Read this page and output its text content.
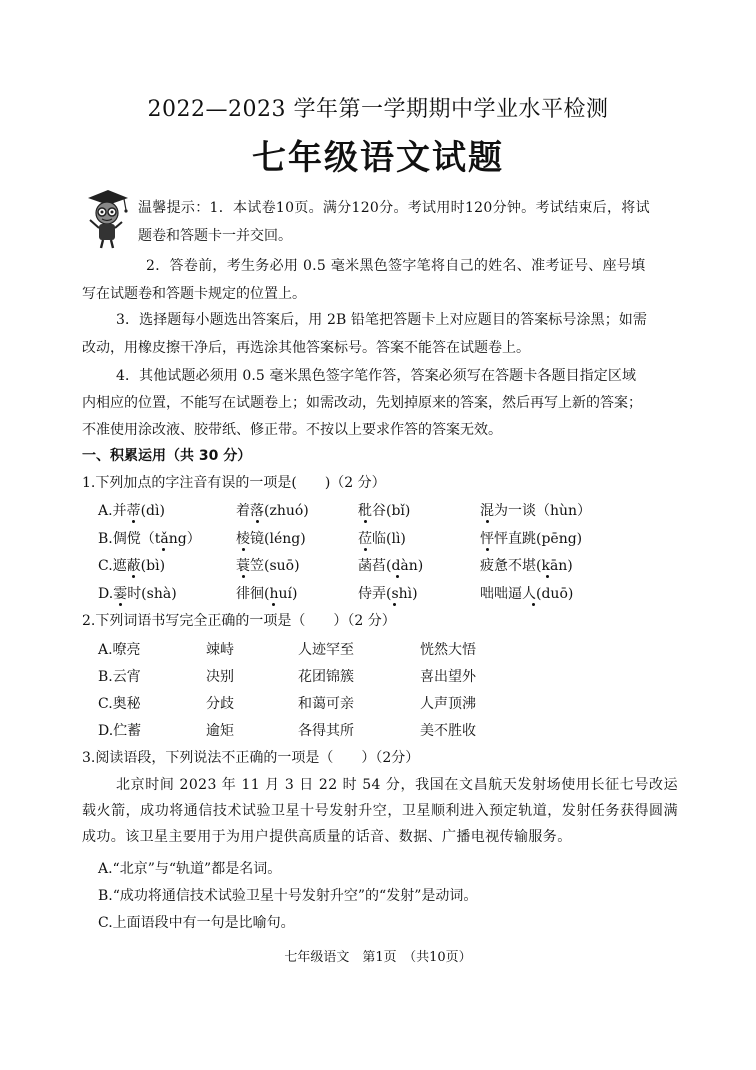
2022—2023 学年第一学期期中学业水平检测
七年级语文试题
温馨提示：1．本试卷10页。满分120分。考试用时120分钟。考试结束后，将试
题卷和答题卡一并交回。
2．答卷前，考生务必用 0.5 毫米黑色签字笔将自己的姓名、准考证号、座号填
写在试题卷和答题卡规定的位置上。
3．选择题每小题选出答案后，用 2B 铅笔把答题卡上对应题目的答案标号涂黑；如需
改动，用橡皮擦干净后，再选涂其他答案标号。答案不能答在试题卷上。
4．其他试题必须用 0.5 毫米黑色签字笔作答，答案必须写在答题卡各题目指定区域
内相应的位置，不能写在试题卷上；如需改动，先划掉原来的答案，然后再写上新的答案；
不准使用涂改液、胶带纸、修正带。不按以上要求作答的答案无效。
一、积累运用（共 30 分）
1.下列加点的字注音有误的一项是(　　)（2 分）
A.并蒂(dì)	着落(zhuó)	秕谷(bǐ)	混为一谈（hùn）
B.倜傥（tǎng）	棱镜(léng)	莅临(lì)	怦怦直跳(pēng)
C.遮蔽(bì)	蓑笠(suō)	菡萏(dàn)	疲惫不堪(kān)
D.霎时(shà)	徘徊(huí)	侍弄(shì)	咄咄逼人(duō)
2.下列词语书写完全正确的一项是（　　）（2 分）
A.嘹亮	竦峙	人迹罕至	恍然大悟
B.云宵	决别	花团锦簇	喜出望外
C.奥秘	分歧	和蔼可亲	人声顶沸
D.伫蓄	逾矩	各得其所	美不胜收
3.阅读语段，下列说法不正确的一项是（　　）（2分）
北京时间 2023 年 11 月 3 日 22 时 54 分，我国在文昌航天发射场使用长征七号改运载火箭，成功将通信技术试验卫星十号发射升空，卫星顺利进入预定轨道，发射任务获得圆满成功。该卫星主要用于为用户提供高质量的话音、数据、广播电视传输服务。
A.“北京”与“轨道”都是名词。
B.“成功将通信技术试验卫星十号发射升空”的“发射”是动词。
C.上面语段中有一句是比喻句。
七年级语文　第1页　（共10页）
